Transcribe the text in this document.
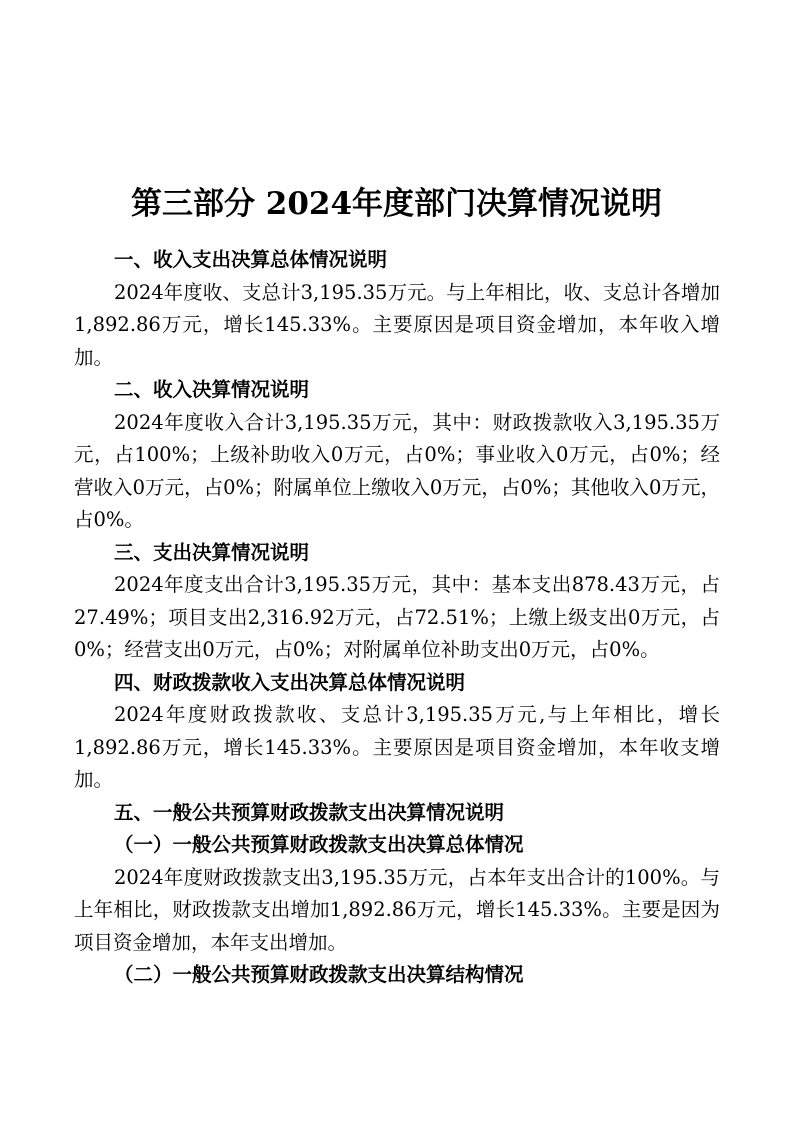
第三部分 2024年度部门决算情况说明

一、收入支出决算总体情况说明

2024年度收、支总计3,195.35万元。与上年相比，收、支总计各增加1,892.86万元，增长145.33%。主要原因是项目资金增加，本年收入增加。

二、收入决算情况说明

2024年度收入合计3,195.35万元，其中：财政拨款收入3,195.35万元，占100%；上级补助收入0万元，占0%；事业收入0万元，占0%；经营收入0万元，占0%；附属单位上缴收入0万元，占0%；其他收入0万元，占0%。

三、支出决算情况说明

2024年度支出合计3,195.35万元，其中：基本支出878.43万元，占27.49%；项目支出2,316.92万元，占72.51%；上缴上级支出0万元，占0%；经营支出0万元，占0%；对附属单位补助支出0万元，占0%。

四、财政拨款收入支出决算总体情况说明

2024年度财政拨款收、支总计3,195.35万元,与上年相比，增长1,892.86万元，增长145.33%。主要原因是项目资金增加，本年收支增加。

五、一般公共预算财政拨款支出决算情况说明

（一）一般公共预算财政拨款支出决算总体情况

2024年度财政拨款支出3,195.35万元，占本年支出合计的100%。与上年相比，财政拨款支出增加1,892.86万元，增长145.33%。主要是因为项目资金增加，本年支出增加。

（二）一般公共预算财政拨款支出决算结构情况
